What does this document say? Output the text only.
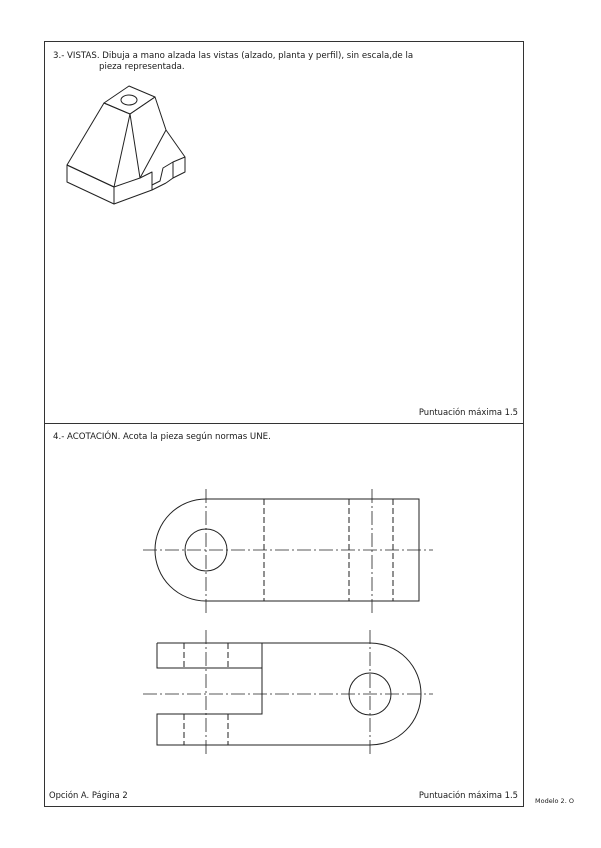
3.- VISTAS. Dibuja a mano alzada las vistas (alzado, planta y perfil), sin escala,de la
pieza representada.
Puntuación máxima 1.5
4.- ACOTACIÓN. Acota la pieza según normas UNE.
Opción A. Página 2	Puntuación máxima 1.5
Modelo 2. O
